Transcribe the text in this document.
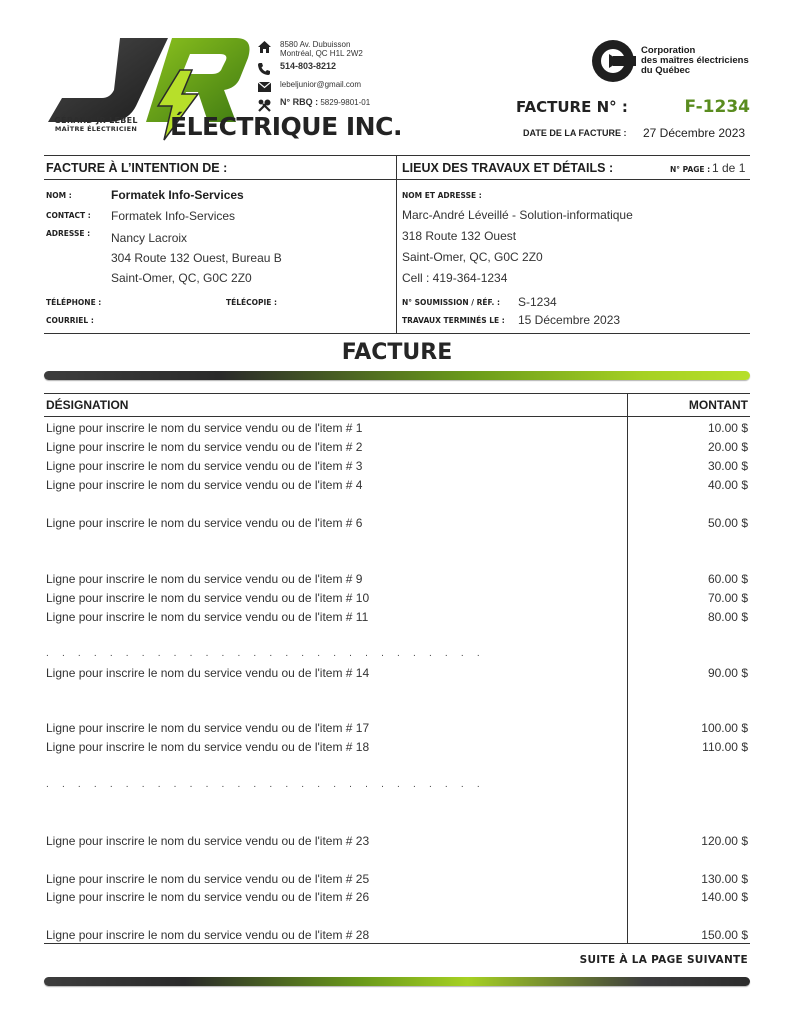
GÉRARD JR LEBEL
MAÎTRE ÉLECTRICIEN	ÉLECTRIQUE INC.
8580 Av. Dubuisson
Montréal, QC H1L 2W2
514-803-8212
lebeljunior@gmail.com
N° RBQ : 5829-9801-01
Corporation
des maîtres électriciens
du Québec
FACTURE N° :	F-1234
DATE DE LA FACTURE : 27 Décembre 2023
FACTURE À L’INTENTION DE :	LIEUX DES TRAVAUX ET DÉTAILS :	N° PAGE : 1 de 1
NOM :	Formatek Info-Services
CONTACT : Formatek Info-Services
ADRESSE : Nancy Lacroix
304 Route 132 Ouest, Bureau B
Saint-Omer, QC, G0C 2Z0
TÉLÉPHONE :	TÉLÉCOPIE :
COURRIEL :
NOM ET ADRESSE :
Marc-André Léveillé - Solution-informatique
318 Route 132 Ouest
Saint-Omer, QC, G0C 2Z0
Cell : 419-364-1234
N° SOUMISSION / RÉF. : S-1234
TRAVAUX TERMINÉS LE : 15 Décembre 2023
FACTURE
DÉSIGNATION	MONTANT
Ligne pour inscrire le nom du service vendu ou de l'item # 1	10.00 $
Ligne pour inscrire le nom du service vendu ou de l'item # 2	20.00 $
Ligne pour inscrire le nom du service vendu ou de l'item # 3	30.00 $
Ligne pour inscrire le nom du service vendu ou de l'item # 4	40.00 $
Ligne pour inscrire le nom du service vendu ou de l'item # 6	50.00 $
Ligne pour inscrire le nom du service vendu ou de l'item # 9	60.00 $
Ligne pour inscrire le nom du service vendu ou de l'item # 10	70.00 $
Ligne pour inscrire le nom du service vendu ou de l'item # 11	80.00 $
. . . . . . . . . . . . . . . . . . . . . . . . . . . .
Ligne pour inscrire le nom du service vendu ou de l'item # 14	90.00 $
Ligne pour inscrire le nom du service vendu ou de l'item # 17	100.00 $
Ligne pour inscrire le nom du service vendu ou de l'item # 18	110.00 $
. . . . . . . . . . . . . . . . . . . . . . . . . . . .
Ligne pour inscrire le nom du service vendu ou de l'item # 23	120.00 $
Ligne pour inscrire le nom du service vendu ou de l'item # 25	130.00 $
Ligne pour inscrire le nom du service vendu ou de l'item # 26	140.00 $
Ligne pour inscrire le nom du service vendu ou de l'item # 28	150.00 $
SUITE À LA PAGE SUIVANTE
